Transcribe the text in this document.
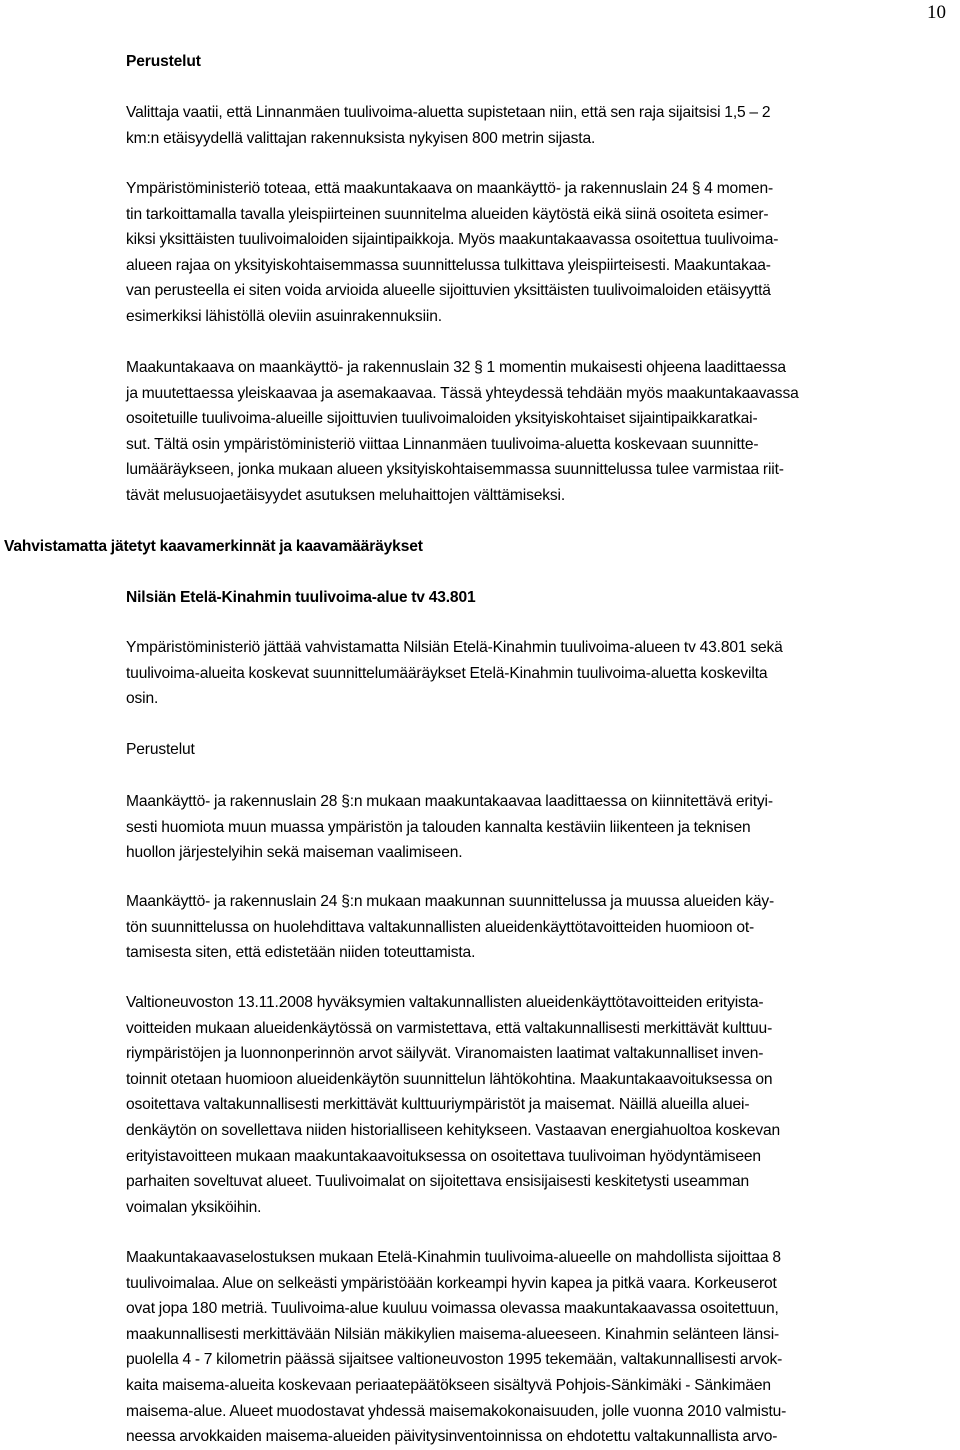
10
Perustelut
Valittaja vaatii, että Linnanmäen tuulivoima-aluetta supistetaan niin, että sen raja sijaitsisi 1,5 – 2
km:n etäisyydellä valittajan rakennuksista nykyisen 800 metrin sijasta.
Ympäristöministeriö toteaa, että maakuntakaava on maankäyttö- ja rakennuslain 24 § 4 momen-
tin tarkoittamalla tavalla yleispiirteinen suunnitelma alueiden käytöstä eikä siinä osoiteta esimer-
kiksi yksittäisten tuulivoimaloiden sijaintipaikkoja. Myös maakuntakaavassa osoitettua tuulivoima-
alueen rajaa on yksityiskohtaisemmassa suunnittelussa tulkittava yleispiirteisesti. Maakuntakaa-
van perusteella ei siten voida arvioida alueelle sijoittuvien yksittäisten tuulivoimaloiden etäisyyttä
esimerkiksi lähistöllä oleviin asuinrakennuksiin.
Maakuntakaava on maankäyttö- ja rakennuslain 32 § 1 momentin mukaisesti ohjeena laadittaessa
ja muutettaessa yleiskaavaa ja asemakaavaa. Tässä yhteydessä tehdään myös maakuntakaavassa
osoitetuille tuulivoima-alueille sijoittuvien tuulivoimaloiden yksityiskohtaiset sijaintipaikkaratkai-
sut. Tältä osin ympäristöministeriö viittaa Linnanmäen tuulivoima-aluetta koskevaan suunnitte-
lumääräykseen, jonka mukaan alueen yksityiskohtaisemmassa suunnittelussa tulee varmistaa riit-
tävät melusuojaetäisyydet asutuksen meluhaittojen välttämiseksi.
Vahvistamatta jätetyt kaavamerkinnät ja kaavamääräykset
Nilsiän Etelä-Kinahmin tuulivoima-alue tv 43.801
Ympäristöministeriö jättää vahvistamatta Nilsiän Etelä-Kinahmin tuulivoima-alueen tv 43.801 sekä
tuulivoima-alueita koskevat suunnittelumääräykset Etelä-Kinahmin tuulivoima-aluetta koskevilta
osin.
Perustelut
Maankäyttö- ja rakennuslain 28 §:n mukaan maakuntakaavaa laadittaessa on kiinnitettävä erityi-
sesti huomiota muun muassa ympäristön ja talouden kannalta kestäviin liikenteen ja teknisen
huollon järjestelyihin sekä maiseman vaalimiseen.
Maankäyttö- ja rakennuslain 24 §:n mukaan maakunnan suunnittelussa ja muussa alueiden käy-
tön suunnittelussa on huolehdittava valtakunnallisten alueidenkäyttötavoitteiden huomioon ot-
tamisesta siten, että edistetään niiden toteuttamista.
Valtioneuvoston 13.11.2008 hyväksymien valtakunnallisten alueidenkäyttötavoitteiden erityista-
voitteiden mukaan alueidenkäytössä on varmistettava, että valtakunnallisesti merkittävät kulttuu-
riympäristöjen ja luonnonperinnön arvot säilyvät. Viranomaisten laatimat valtakunnalliset inven-
toinnit otetaan huomioon alueidenkäytön suunnittelun lähtökohtina. Maakuntakaavoituksessa on
osoitettava valtakunnallisesti merkittävät kulttuuriympäristöt ja maisemat. Näillä alueilla aluei-
denkäytön on sovellettava niiden historialliseen kehitykseen. Vastaavan energiahuoltoa koskevan
erityistavoitteen mukaan maakuntakaavoituksessa on osoitettava tuulivoiman hyödyntämiseen
parhaiten soveltuvat alueet. Tuulivoimalat on sijoitettava ensisijaisesti keskitetysti useamman
voimalan yksiköihin.
Maakuntakaavaselostuksen mukaan Etelä-Kinahmin tuulivoima-alueelle on mahdollista sijoittaa 8
tuulivoimalaa. Alue on selkeästi ympäristöään korkeampi hyvin kapea ja pitkä vaara. Korkeuserot
ovat jopa 180 metriä. Tuulivoima-alue kuuluu voimassa olevassa maakuntakaavassa osoitettuun,
maakunnallisesti merkittävään Nilsiän mäkikylien maisema-alueeseen. Kinahmin selänteen länsi-
puolella 4 - 7 kilometrin päässä sijaitsee valtioneuvoston 1995 tekemään, valtakunnallisesti arvok-
kaita maisema-alueita koskevaan periaatepäätökseen sisältyvä Pohjois-Sänkimäki - Sänkimäen
maisema-alue. Alueet muodostavat yhdessä maisemakokonaisuuden, jolle vuonna 2010 valmistu-
neessa arvokkaiden maisema-alueiden päivitysinventoinnissa on ehdotettu valtakunnallista arvo-
